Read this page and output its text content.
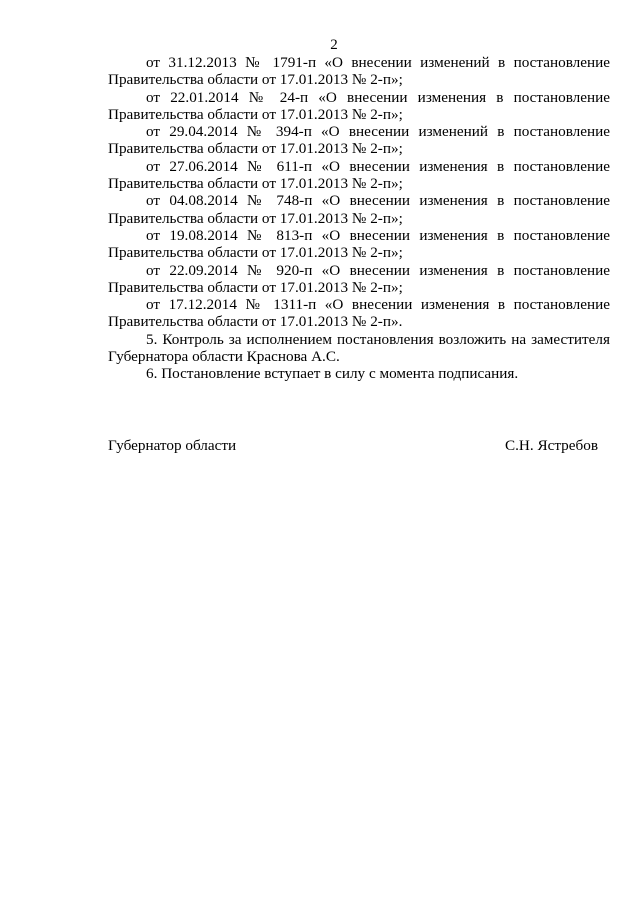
2

от 31.12.2013 № 1791-п «О внесении изменений в постановление
Правительства области от 17.01.2013 № 2-п»;

от 22.01.2014 № 24-п «О внесении изменения в постановление
Правительства области от 17.01.2013 № 2-п»;

от 29.04.2014 № 394-п «О внесении изменений в постановление
Правительства области от 17.01.2013 № 2-п»;

от 27.06.2014 № 611-п «О внесении изменения в постановление
Правительства области от 17.01.2013 № 2-п»;

от 04.08.2014 № 748-п «О внесении изменения в постановление
Правительства области от 17.01.2013 № 2-п»;

от 19.08.2014 № 813-п «О внесении изменения в постановление
Правительства области от 17.01.2013 № 2-п»;

от 22.09.2014 № 920-п «О внесении изменения в постановление
Правительства области от 17.01.2013 № 2-п»;

от 17.12.2014 № 1311-п «О внесении изменения в постановление
Правительства области от 17.01.2013 № 2-п».

5. Контроль за исполнением постановления возложить на заместителя Губернатора области Краснова А.С.

6. Постановление вступает в силу с момента подписания.

Губернатор области	С.Н. Ястребов
